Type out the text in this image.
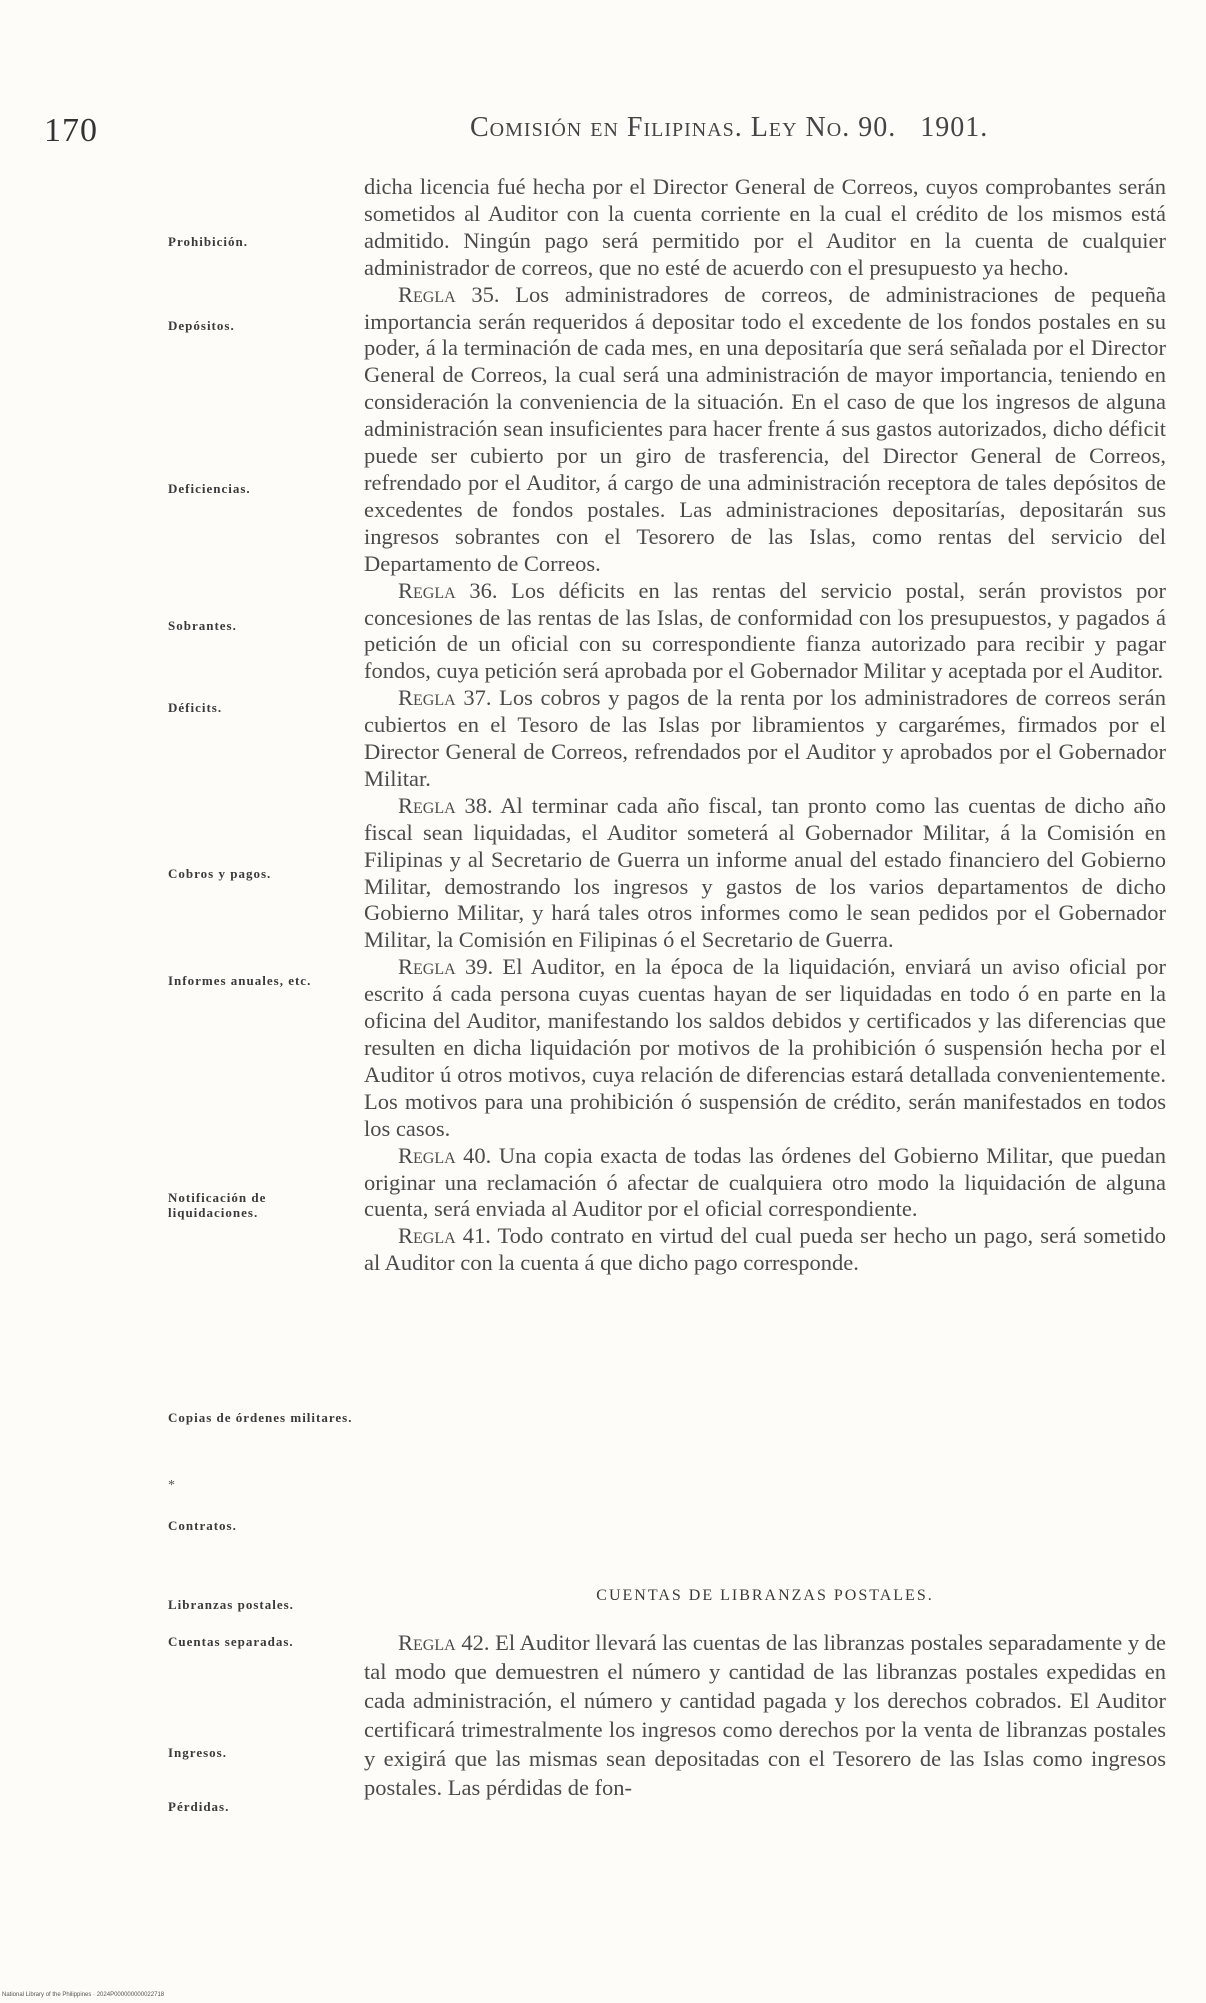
170	Comisión en Filipinas. Ley No. 90. 1901.
Prohibición.
Depósitos.
Deficiencias.
Sobrantes.
Déficits.
Cobros y pagos.
Informes anuales, etc.
Notificación de liquidaciones.
Copias de órdenes militares.
*
Contratos.
Libranzas postales.
Cuentas separadas.
Ingresos.
Pérdidas.

dicha licencia fué hecha por el Director General de Correos, cuyos comprobantes serán sometidos al Auditor con la cuenta corriente en la cual el crédito de los mismos está admitido. Ningún pago será permitido por el Auditor en la cuenta de cualquier administrador de correos, que no esté de acuerdo con el presupuesto ya hecho.

Regla 35. Los administradores de correos, de administraciones de pequeña importancia serán requeridos á depositar todo el excedente de los fondos postales en su poder, á la terminación de cada mes, en una depositaría que será señalada por el Director General de Correos, la cual será una administración de mayor importancia, teniendo en consideración la conveniencia de la situación. En el caso de que los ingresos de alguna administración sean insuficientes para hacer frente á sus gastos autorizados, dicho déficit puede ser cubierto por un giro de trasferencia, del Director General de Correos, refrendado por el Auditor, á cargo de una administración receptora de tales depósitos de excedentes de fondos postales. Las administraciones depositarías, depositarán sus ingresos sobrantes con el Tesorero de las Islas, como rentas del servicio del Departamento de Correos.

Regla 36. Los déficits en las rentas del servicio postal, serán provistos por concesiones de las rentas de las Islas, de conformidad con los presupuestos, y pagados á petición de un oficial con su correspondiente fianza autorizado para recibir y pagar fondos, cuya petición será aprobada por el Gobernador Militar y aceptada por el Auditor.

Regla 37. Los cobros y pagos de la renta por los administradores de correos serán cubiertos en el Tesoro de las Islas por libramientos y cargarémes, firmados por el Director General de Correos, refrendados por el Auditor y aprobados por el Gobernador Militar.

Regla 38. Al terminar cada año fiscal, tan pronto como las cuentas de dicho año fiscal sean liquidadas, el Auditor someterá al Gobernador Militar, á la Comisión en Filipinas y al Secretario de Guerra un informe anual del estado financiero del Gobierno Militar, demostrando los ingresos y gastos de los varios departamentos de dicho Gobierno Militar, y hará tales otros informes como le sean pedidos por el Gobernador Militar, la Comisión en Filipinas ó el Secretario de Guerra.

Regla 39. El Auditor, en la época de la liquidación, enviará un aviso oficial por escrito á cada persona cuyas cuentas hayan de ser liquidadas en todo ó en parte en la oficina del Auditor, manifestando los saldos debidos y certificados y las diferencias que resulten en dicha liquidación por motivos de la prohibición ó suspensión hecha por el Auditor ú otros motivos, cuya relación de diferencias estará detallada convenientemente. Los motivos para una prohibición ó suspensión de crédito, serán manifestados en todos los casos.

Regla 40. Una copia exacta de todas las órdenes del Gobierno Militar, que puedan originar una reclamación ó afectar de cualquiera otro modo la liquidación de alguna cuenta, será enviada al Auditor por el oficial correspondiente.

Regla 41. Todo contrato en virtud del cual pueda ser hecho un pago, será sometido al Auditor con la cuenta á que dicho pago corresponde.

CUENTAS DE LIBRANZAS POSTALES.

Regla 42. El Auditor llevará las cuentas de las libranzas postales separadamente y de tal modo que demuestren el número y cantidad de las libranzas postales expedidas en cada administración, el número y cantidad pagada y los derechos cobrados. El Auditor certificará trimestralmente los ingresos como derechos por la venta de libranzas postales y exigirá que las mismas sean depositadas con el Tesorero de las Islas como ingresos postales. Las pérdidas de fon-

National Library of the Philippines · 2024P000000000022718
